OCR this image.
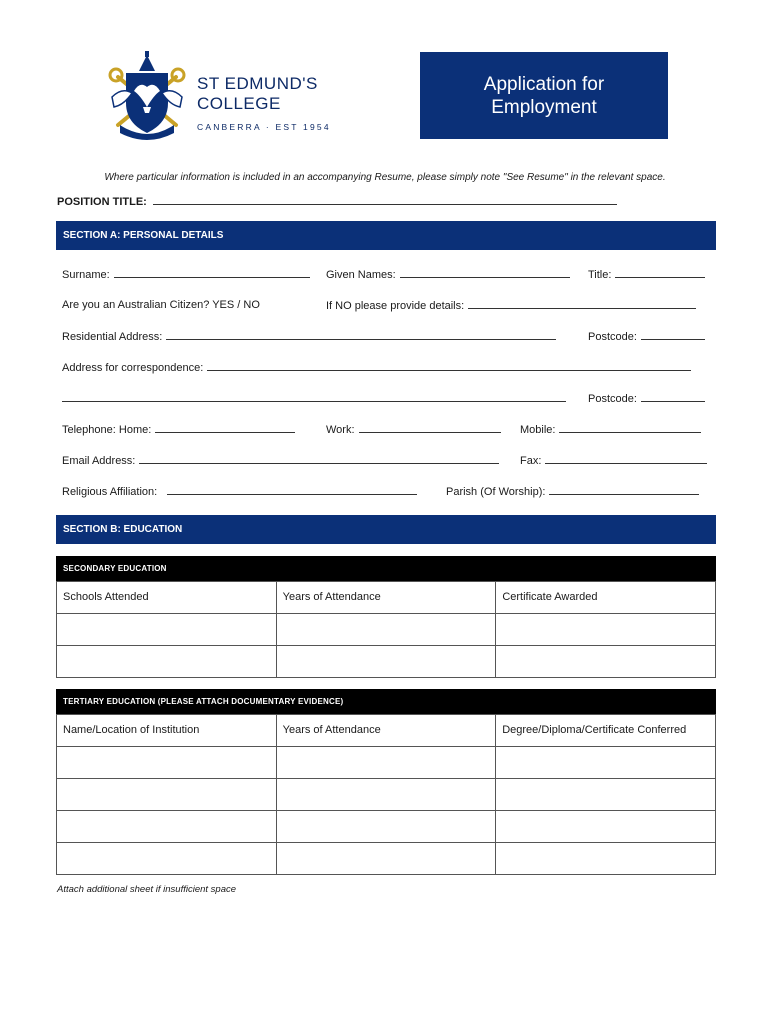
ST EDMUND'S
COLLEGE
CANBERRA · EST 1954
Application for
Employment
Where particular information is included in an accompanying Resume, please simply note "See Resume" in the relevant space.
POSITION TITLE:
SECTION A: PERSONAL DETAILS
Surname:	Given Names:	Title:
Are you an Australian Citizen? YES / NO	If NO please provide details:
Residential Address:	Postcode:
Address for correspondence:
Postcode:
Telephone: Home:	Work:	Mobile:
Email Address:	Fax:
Religious Affiliation:	Parish (Of Worship):
SECTION B: EDUCATION
SECONDARY EDUCATION
Schools Attended	Years of Attendance	Certificate Awarded

TERTIARY EDUCATION (PLEASE ATTACH DOCUMENTARY EVIDENCE)
Name/Location of Institution	Years of Attendance	Degree/Diploma/Certificate Conferred

Attach additional sheet if insufficient space
